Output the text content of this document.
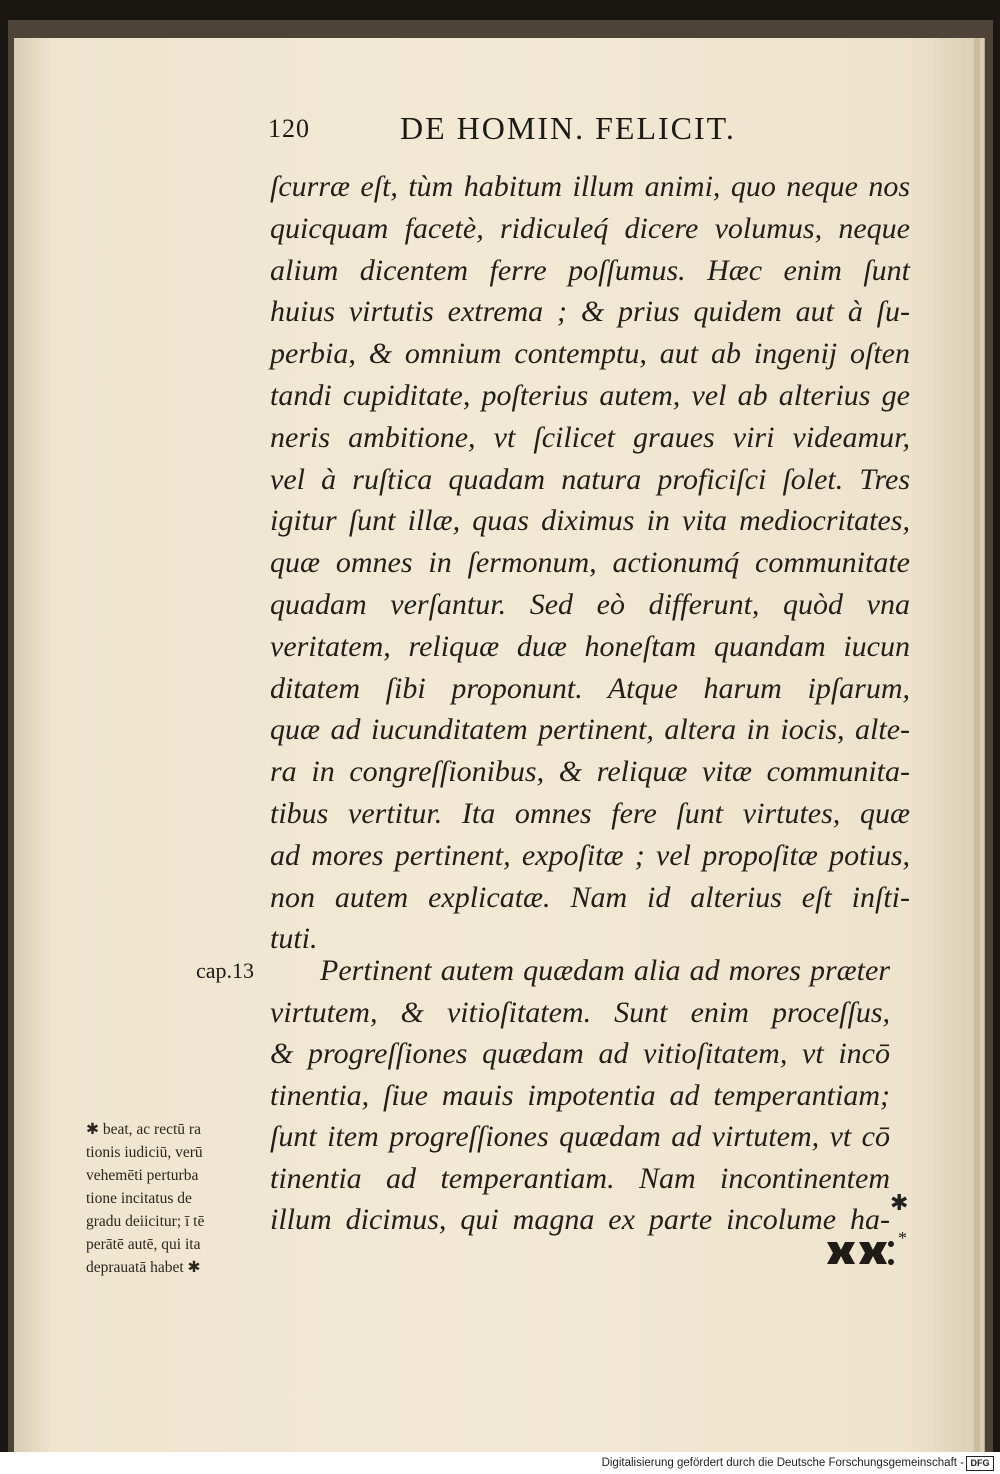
120	DE HOMIN. FELICIT.
ſcurræ eſt, tùm habitum illum animi, quo neque nos
quicquam facetè, ridiculeq́ dicere volumus, neque
alium dicentem ferre poſſumus. Hæc enim ſunt
huius virtutis extrema ; & prius quidem aut à ſu-
perbia, & omnium contemptu, aut ab ingenij oſten
tandi cupiditate, poſterius autem, vel ab alterius ge
neris ambitione, vt ſcilicet graues viri videamur,
vel à ruſtica quadam natura proficiſci ſolet. Tres
igitur ſunt illæ, quas diximus in vita mediocritates,
quæ omnes in ſermonum, actionumq́ communitate
quadam verſantur. Sed eò differunt, quòd vna
veritatem, reliquæ duæ honeſtam quandam iucun
ditatem ſibi proponunt. Atque harum ipſarum,
quæ ad iucunditatem pertinent, altera in iocis, alte-
ra in congreſſionibus, & reliquæ vitæ communita-
tibus vertitur. Ita omnes fere ſunt virtutes, quæ
ad mores pertinent, expoſitæ ; vel propoſitæ potius,
non autem explicatæ. Nam id alterius eſt inſti-
tuti.
cap.13	Pertinent autem quædam alia ad mores præter
virtutem, & vitioſitatem. Sunt enim proceſſus,
& progreſſiones quædam ad vitioſitatem, vt incō
tinentia, ſiue mauis impotentia ad temperantiam;
ſunt item progreſſiones quædam ad virtutem, vt cō
tinentia ad temperantiam. Nam incontinentem
illum dicimus, qui magna ex parte incolume ha-
✱ beat, ac rectū ra
tionis iudiciū, verū
vehemēti perturba
tione incitatus de
gradu deiicitur; ī tē
perātē autē, qui ita
deprauatā habet ✱
✱
*
Digitalisierung gefördert durch die Deutsche Forschungsgemeinschaft - DFG
